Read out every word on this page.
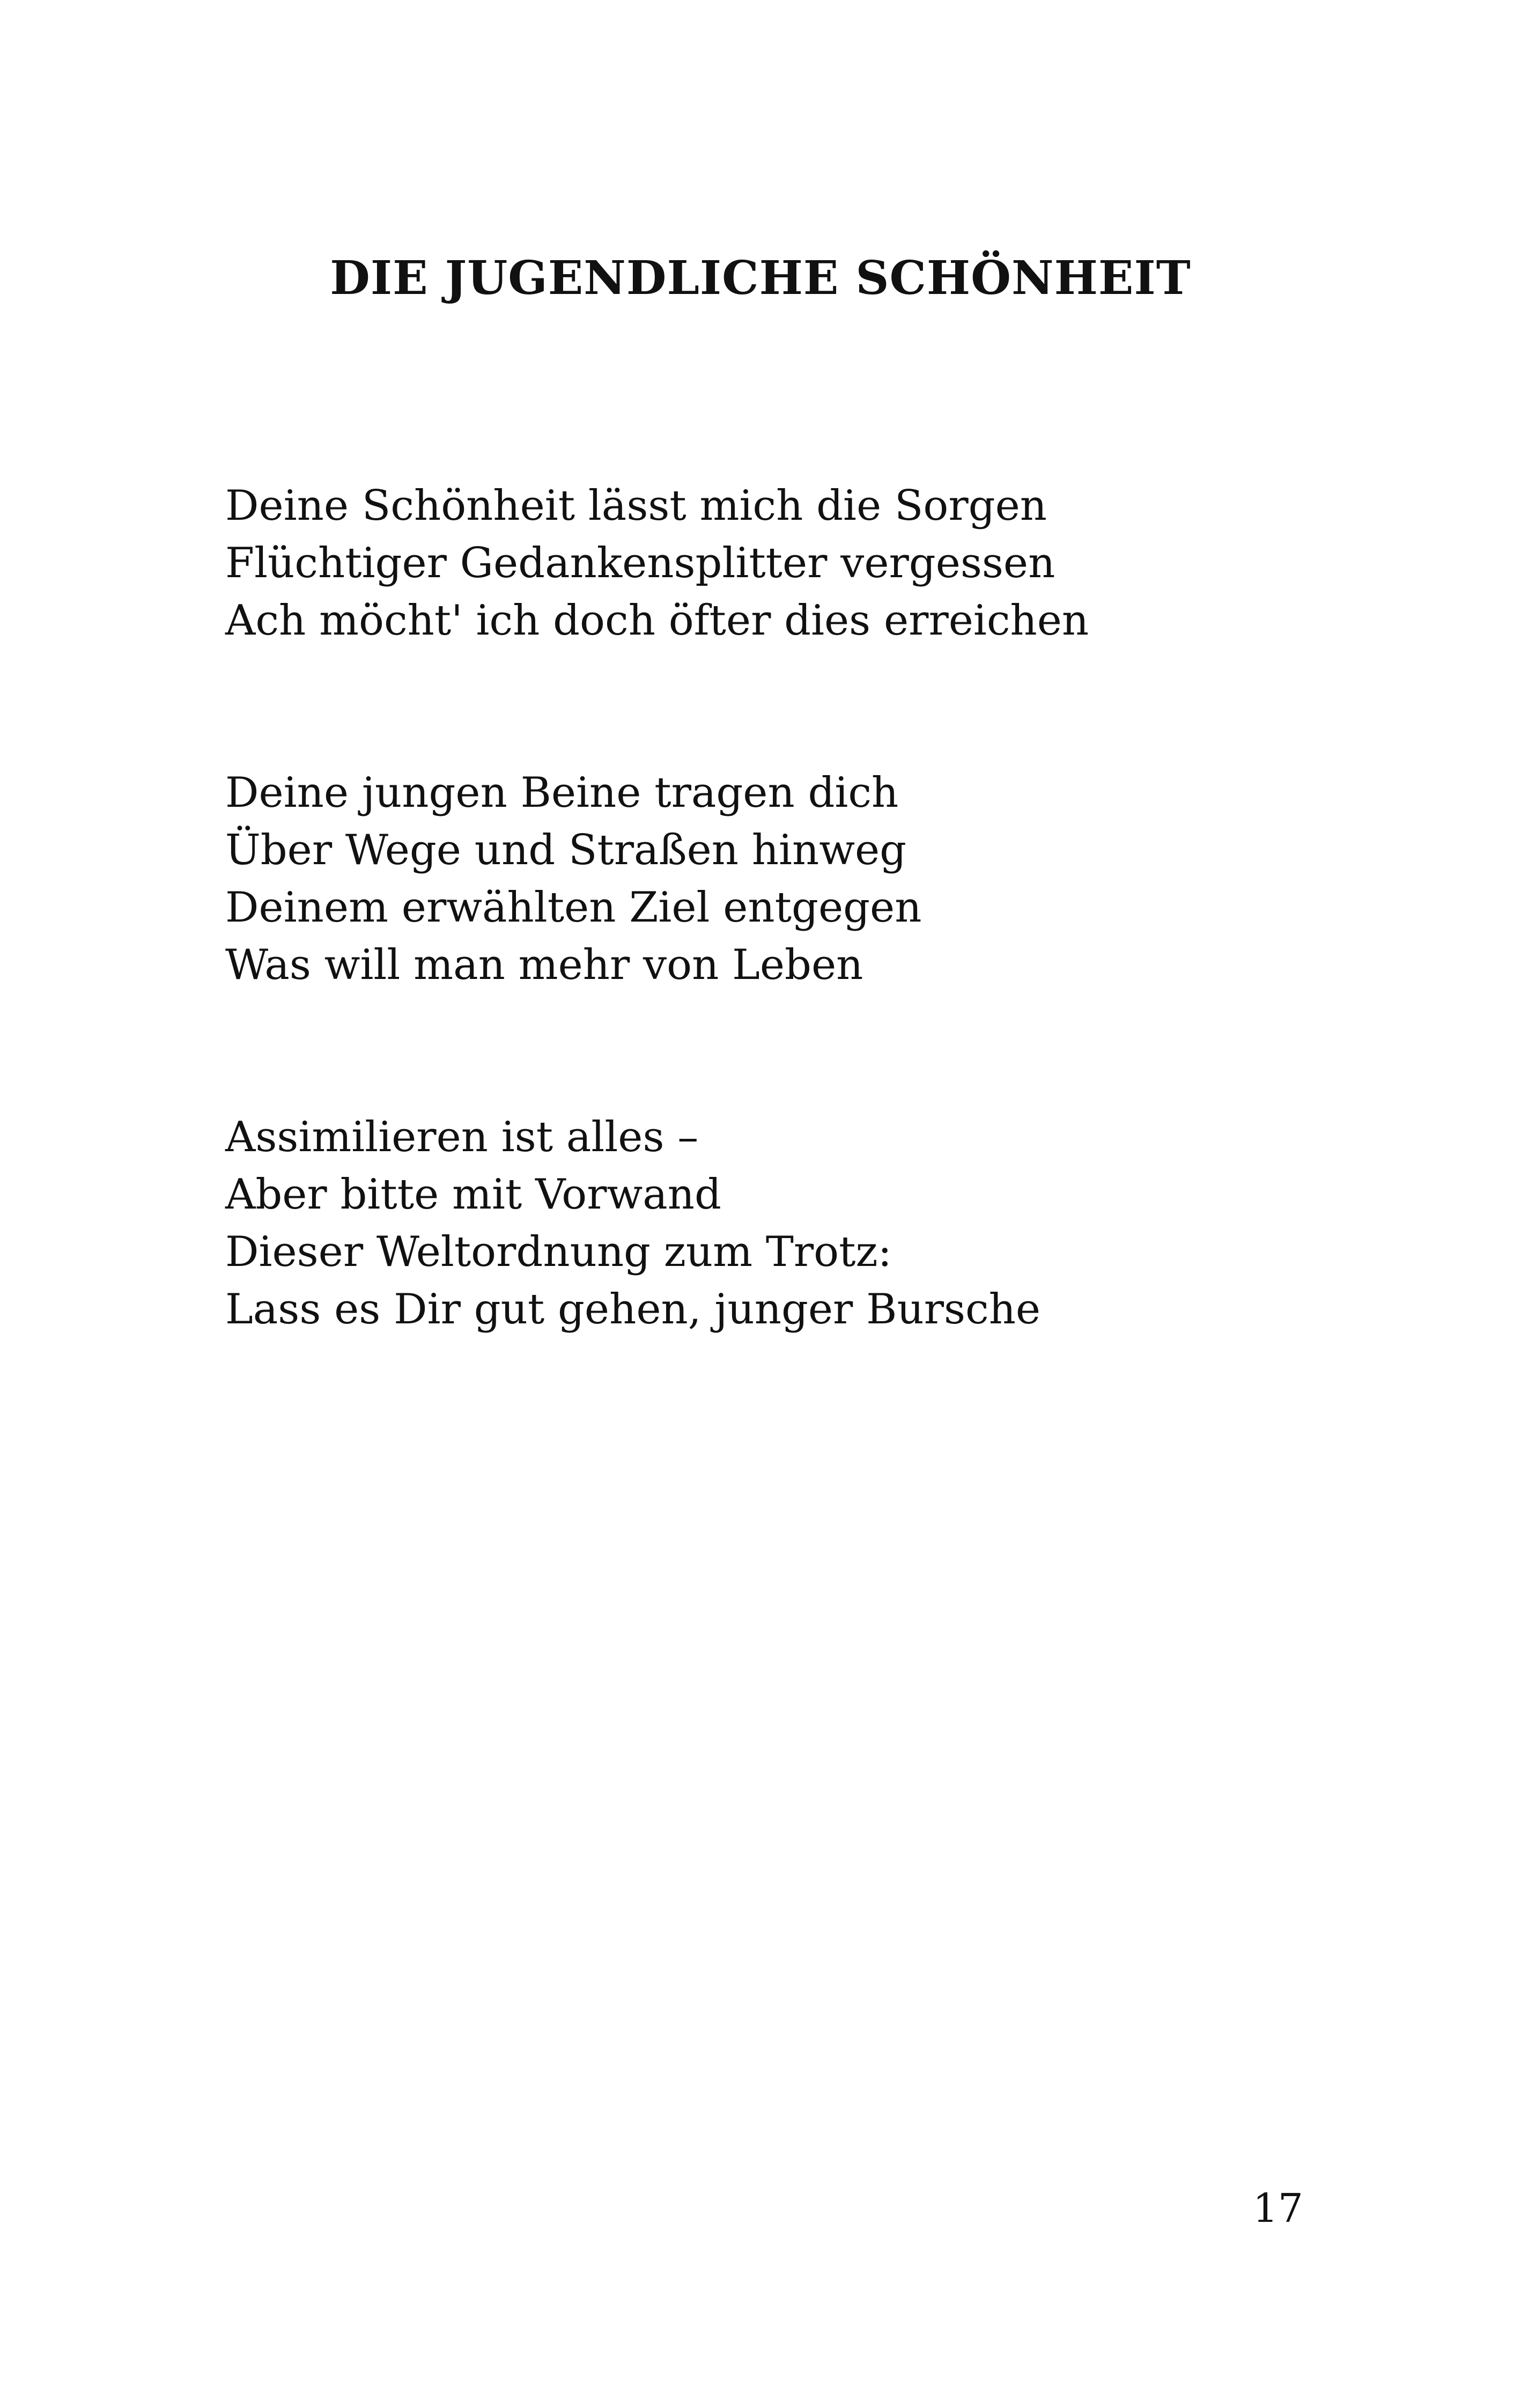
DIE JUGENDLICHE SCHÖNHEIT

Deine Schönheit lässt mich die Sorgen
Flüchtiger Gedankensplitter vergessen
Ach möcht' ich doch öfter dies erreichen

Deine jungen Beine tragen dich
Über Wege und Straßen hinweg
Deinem erwählten Ziel entgegen
Was will man mehr von Leben

Assimilieren ist alles –
Aber bitte mit Vorwand
Dieser Weltordnung zum Trotz:
Lass es Dir gut gehen, junger Bursche

17
